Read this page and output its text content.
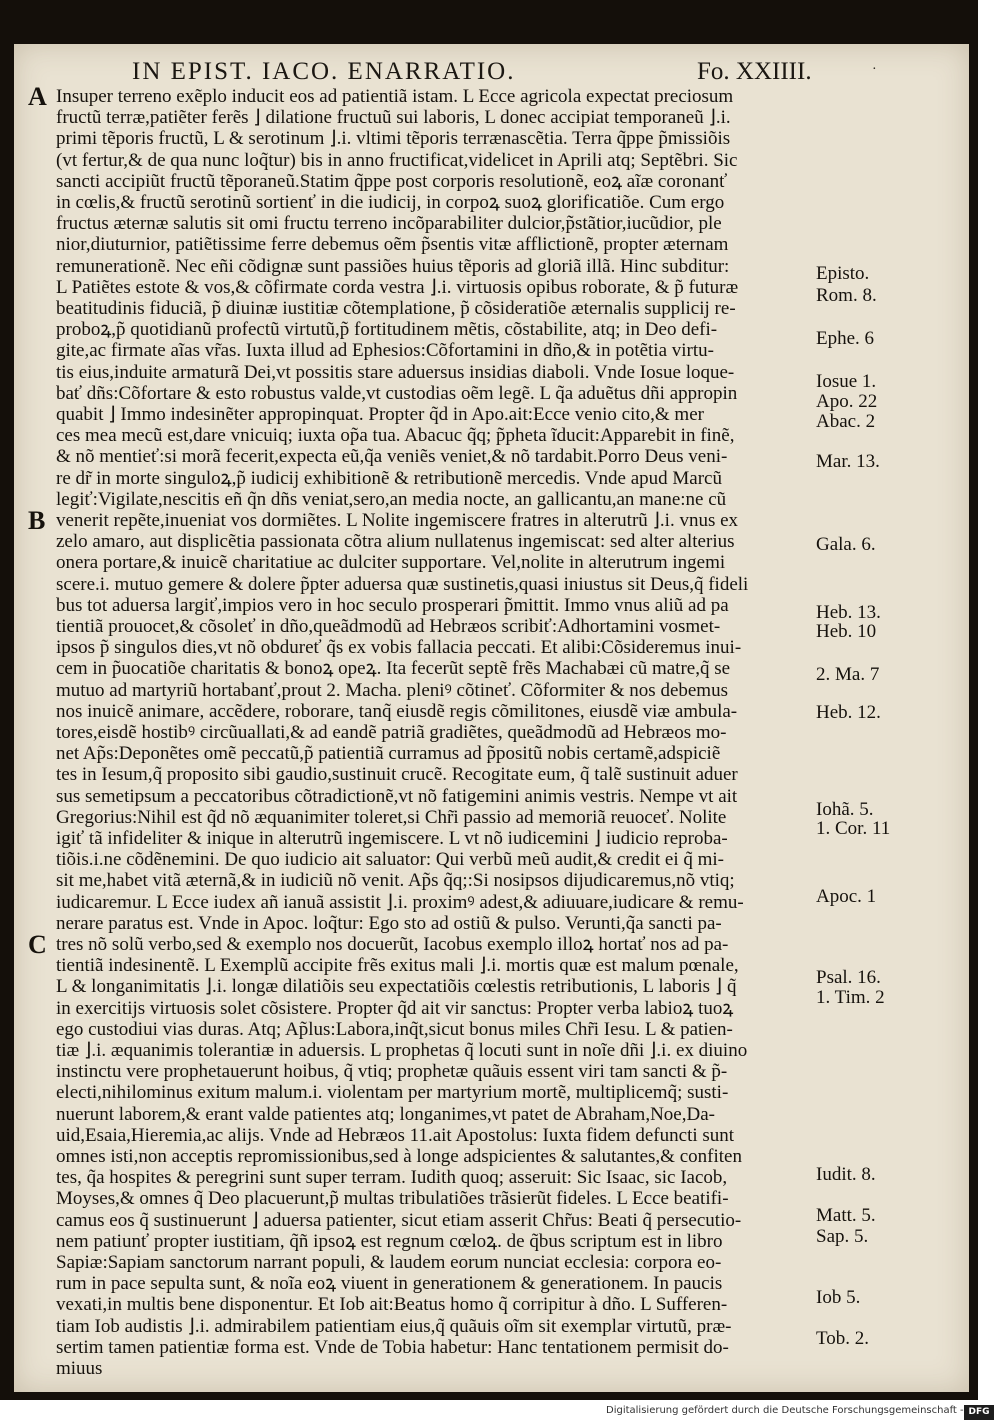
IN EPIST. IACO. ENARRATIO.	Fo. XXIIII.	·
Insuper terreno exẽplo inducit eos ad patientiã istam. L Ecce agricola expectat preciosum
fructũ terræ,patiẽter ferẽs ⌋ dilatione fructuũ sui laboris, L donec accipiat temporaneũ ⌋.i.
primi tẽporis fructũ, L & serotinum ⌋.i. vltimi tẽporis terrænascẽtia. Terra q̃ppe p̃missiõis
(vt fertur,& de qua nunc loq̃tur) bis in anno fructificat,videlicet in Aprili atq; Septẽbri. Sic
sancti accipiũt fructũ tẽporaneũ.Statim q̃ppe post corporis resolutionẽ, eoꝝ aĩæ coronanť
in cœlis,& fructũ serotinũ sortienť in die iudicij, in corpoꝝ suoꝝ glorificatiõe. Cum ergo
fructus æternæ salutis sit omi fructu terreno incõparabiliter dulcior,p̃stãtior,iucũdior, ple
nior,diuturnior, patiẽtissime ferre debemus oẽm p̃sentis vitæ afflictionẽ, propter æternam
remunerationẽ. Nec eñi cõdignæ sunt passiões huius tẽporis ad gloriã illã. Hinc subditur:
L Patiẽtes estote & vos,& cõfirmate corda vestra ⌋.i. virtuosis opibus roborate, & p̃ futuræ
beatitudinis fiduciã, p̃ diuinæ iustitiæ cõtemplatione, p̃ cõsideratiõe æternalis supplicij re-
proboꝝ,p̃ quotidianũ profectũ virtutũ,p̃ fortitudinem mẽtis, cõstabilite, atq; in Deo defi-
gite,ac firmate aĩas vr̃as. Iuxta illud ad Ephesios:Cõfortamini in dño,& in potẽtia virtu-
tis eius,induite armaturã Dei,vt possitis stare aduersus insidias diaboli. Vnde Iosue loque-
bať dñs:Cõfortare & esto robustus valde,vt custodias oẽm legẽ. L q̃a aduẽtus dñi appropin
quabit ⌋ Immo indesinẽter appropinquat. Propter q̃d in Apo.ait:Ecce venio cito,& mer
ces mea mecũ est,dare vnicuiq; iuxta op̃a tua. Abacuc q̃q; p̃pheta ĩducit:Apparebit in finẽ,
& nõ mentieť:si morã fecerit,expecta eũ,q̃a veniẽs veniet,& nõ tardabit.Porro Deus veni-
re dr̃ in morte singuloꝝ,p̃ iudicij exhibitionẽ & retributionẽ mercedis. Vnde apud Marcũ
legiť:Vigilate,nescitis eñ q̃n dñs veniat,sero,an media nocte, an gallicantu,an mane:ne cũ
venerit repẽte,inueniat vos dormiẽtes. L Nolite ingemiscere fratres in alterutrũ ⌋.i. vnus ex
zelo amaro, aut displicẽtia passionata cõtra alium nullatenus ingemiscat: sed alter alterius
onera portare,& inuicẽ charitatiue ac dulciter supportare. Vel,nolite in alterutrum ingemi
scere.i. mutuo gemere & dolere p̃pter aduersa quæ sustinetis,quasi iniustus sit Deus,q̃ fideli
bus tot aduersa largiť,impios vero in hoc seculo prosperari p̃mittit. Immo vnus aliũ ad pa
tientiã prouocet,& cõsoleť in dño,queãdmodũ ad Hebræos scribiť:Adhortamini vosmet-
ipsos p̃ singulos dies,vt nõ obdureť q̃s ex vobis fallacia peccati. Et alibi:Cõsideremus inui-
cem in p̃uocatiõe charitatis & bonoꝝ opeꝝ. Ita fecerũt septẽ frẽs Machabæi cũ matre,q̃ se
mutuo ad martyriũ hortabanť,prout 2. Macha. pleniꝰ cõtineť. Cõformiter & nos debemus
nos inuicẽ animare, accẽdere, roborare, tanq̃ eiusdẽ regis cõmilitones, eiusdẽ viæ ambula-
tores,eisdẽ hostibꝰ circũuallati,& ad eandẽ patriã gradiẽtes, queãdmodũ ad Hebræos mo-
net Ap̃s:Deponẽtes omẽ peccatũ,p̃ patientiã curramus ad p̃positũ nobis certamẽ,adspiciẽ
tes in Iesum,q̃ proposito sibi gaudio,sustinuit crucẽ. Recogitate eum, q̃ talẽ sustinuit aduer
sus semetipsum a peccatoribus cõtradictionẽ,vt nõ fatigemini animis vestris. Nempe vt ait
Gregorius:Nihil est q̃d nõ æquanimiter toleret,si Chr̃i passio ad memoriã reuoceť. Nolite
igiť tã infideliter & inique in alterutrũ ingemiscere. L vt nõ iudicemini ⌋ iudicio reproba-
tiõis.i.ne cõdẽnemini. De quo iudicio ait saluator: Qui verbũ meũ audit,& credit ei q̃ mi-
sit me,habet vitã æternã,& in iudiciũ nõ venit. Ap̃s q̃q;:Si nosipsos dijudicaremus,nõ vtiq;
iudicaremur. L Ecce iudex añ ianuã assistit ⌋.i. proximꝰ adest,& adiuuare,iudicare & remu-
nerare paratus est. Vnde in Apoc. loq̃tur: Ego sto ad ostiũ & pulso. Verunti,q̃a sancti pa-
tres nõ solũ verbo,sed & exemplo nos docuerũt, Iacobus exemplo illoꝝ hortať nos ad pa-
tientiã indesinentẽ. L Exemplũ accipite frẽs exitus mali ⌋.i. mortis quæ est malum pœnale,
L & longanimitatis ⌋.i. longæ dilatiõis seu expectatiõis cœlestis retributionis, L laboris ⌋ q̃
in exercitijs virtuosis solet cõsistere. Propter q̃d ait vir sanctus: Propter verba labioꝝ tuoꝝ
ego custodiui vias duras. Atq; Ap̃lus:Labora,inq̃t,sicut bonus miles Chr̃i Iesu. L & patien-
tiæ ⌋.i. æquanimis tolerantiæ in aduersis. L prophetas q̃ locuti sunt in noĩe dñi ⌋.i. ex diuino
instinctu vere prophetauerunt hoibus, q̃ vtiq; prophetæ quãuis essent viri tam sancti & p̃-
electi,nihilominus exitum malum.i. violentam per martyrium mortẽ, multiplicemq̃; susti-
nuerunt laborem,& erant valde patientes atq; longanimes,vt patet de Abraham,Noe,Da-
uid,Esaia,Hieremia,ac alijs. Vnde ad Hebræos 11.ait Apostolus: Iuxta fidem defuncti sunt
omnes isti,non acceptis repromissionibus,sed à longe adspicientes & salutantes,& confiten
tes, q̃a hospites & peregrini sunt super terram. Iudith quoq; asseruit: Sic Isaac, sic Iacob,
Moyses,& omnes q̃ Deo placuerunt,p̃ multas tribulatiões trãsierũt fideles. L Ecce beatifi-
camus eos q̃ sustinuerunt ⌋ aduersa patienter, sicut etiam asserit Chr̃us: Beati q̃ persecutio-
nem patiunť propter iustitiam, q̃ñ ipsoꝝ est regnum cœloꝝ. de q̃bus scriptum est in libro
Sapiæ:Sapiam sanctorum narrant populi, & laudem eorum nunciat ecclesia: corpora eo-
rum in pace sepulta sunt, & noĩa eoꝝ viuent in generationem & generationem. In paucis
vexati,in multis bene disponentur. Et Iob ait:Beatus homo q̃ corripitur à dño. L Sufferen-
tiam Iob audistis ⌋.i. admirabilem patientiam eius,q̃ quãuis oĩm sit exemplar virtutũ, præ-
sertim tamen patientiæ forma est. Vnde de Tobia habetur: Hanc tentationem permisit do-
miuus
A
B
C
Episto.
Rom. 8.
Ephe. 6
Iosue 1.
Apo. 22
Abac. 2
Mar. 13.
Gala. 6.
Heb. 13.
Heb. 10
2. Ma. 7
Heb. 12.
Iohã. 5.
1. Cor. 11
Apoc. 1
Psal. 16.
1. Tim. 2
Iudit. 8.
Matt. 5.
Sap. 5.
Iob 5.
Tob. 2.
Digitalisierung gefördert durch die Deutsche Forschungsgemeinschaft - DFG
